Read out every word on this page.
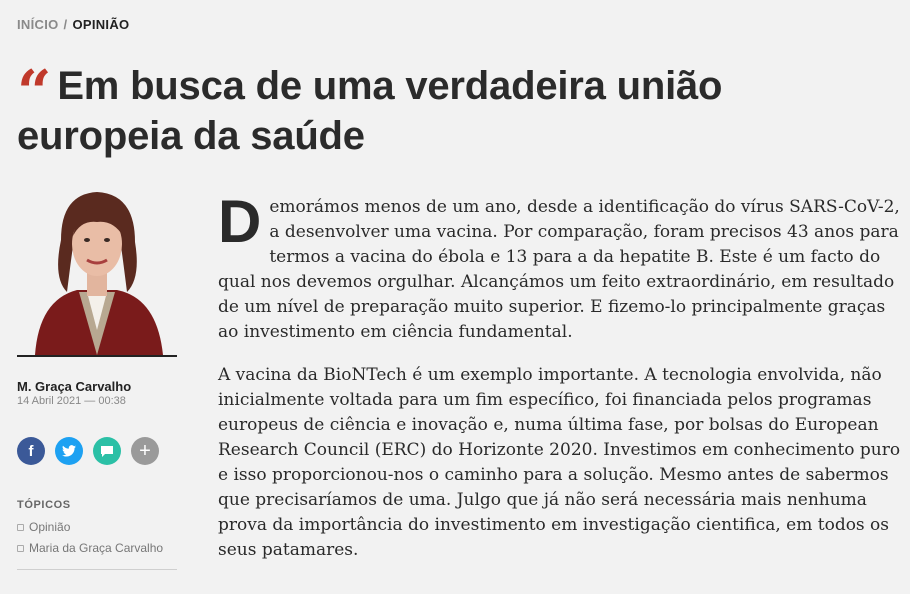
INÍCIO / OPINIÃO
“ Em busca de uma verdadeira união europeia da saúde
M. Graça Carvalho
14 Abril 2021 — 00:38
f	+
TÓPICOS
Opinião
Maria da Graça Carvalho

Demorámos menos de um ano, desde a identificação do vírus SARS-CoV-2, a desenvolver uma vacina. Por comparação, foram precisos 43 anos para termos a vacina do ébola e 13 para a da hepatite B. Este é um facto do qual nos devemos orgulhar. Alcançámos um feito extraordinário, em resultado de um nível de preparação muito superior. E fizemo-lo principalmente graças ao investimento em ciência fundamental.

A vacina da BioNTech é um exemplo importante. A tecnologia envolvida, não inicialmente voltada para um fim específico, foi financiada pelos programas europeus de ciência e inovação e, numa última fase, por bolsas do European Research Council (ERC) do Horizonte 2020. Investimos em conhecimento puro e isso proporcionou-nos o caminho para a solução. Mesmo antes de sabermos que precisaríamos de uma. Julgo que já não será necessária mais nenhuma prova da importância do investimento em investigação cientifica, em todos os seus patamares.
